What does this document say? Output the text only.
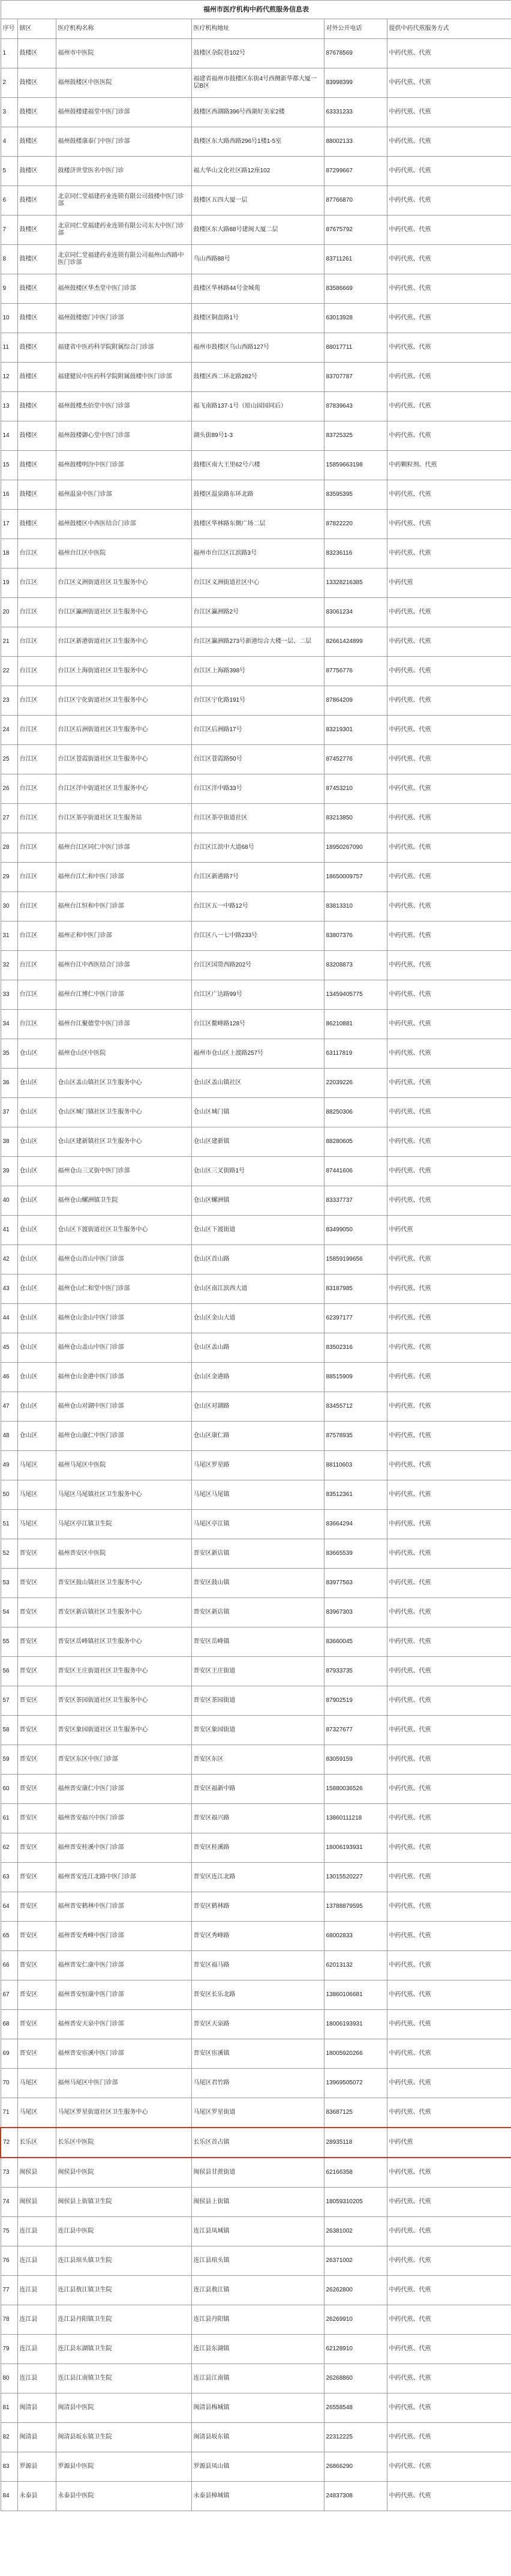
福州市医疗机构中药代煎服务信息表					
序号	辖区	医疗机构名称	医疗机构地址	对外公开电话	提供中药代煎服务方式
1	鼓楼区	福州市中医院	鼓楼区杂院巷102号	87678569	中药代煎、代煎
2	鼓楼区	福州鼓楼区中医医院	福建省福州市鼓楼区东街4号西侧新华都大厦一层B区	83998399	中药代煎、代煎
3	鼓楼区	福州鼓楼建福堂中医门诊部	鼓楼区西湖路396号西湖好美家2楼	63331233	中药代煎、代煎
4	鼓楼区	福州鼓楼康泰门中医门诊部	鼓楼区东大路西路296号1楼1-5室	88002133	中药代煎、代煎
5	鼓楼区	鼓楼济世堂医名中医门诊	福大华山文化社区路12座102	87299667	中药代煎、代煎
6	鼓楼区	北京同仁堂福建药业连锁有限公司鼓楼中医门诊部	鼓楼区五四大厦一层	87766870	中药代煎、代煎
7	鼓楼区	北京同仁堂福建药业连锁有限公司东大中医门诊部	鼓楼区东大路88号建闽大厦二层	87675792	中药代煎、代煎
8	鼓楼区	北京同仁堂福建药业连锁有限公司福州山西路中医门诊部	乌山西路88号	83711261	中药代煎、代煎
9	鼓楼区	福州鼓楼区华杰堂中医门诊部	鼓楼区华林路44号金城苑	83586669	中药代煎、代煎
10	鼓楼区	福州鼓楼德门中医门诊部	鼓楼区铜盘路1号	63013928	中药代煎、代煎
11	鼓楼区	福建省中医药科学院附属综合门诊部	福州市鼓楼区乌山西路127号	88017711	中药代煎、代煎
12	鼓楼区	福建健民中医药科学院附属鼓楼中医门诊部	鼓楼区西二环北路282号	83707787	中药代煎、代煎
13	鼓楼区	福州鼓楼杰佰堂中医门诊部	福飞南路137-1号（原山园园同后）	87839643	中药代煎、代煎
14	鼓楼区	福州鼓楼御心堂中医门诊部	湖头街89号1-3	83725325	中药代煎、代煎
15	鼓楼区	福州鼓楼明汾中医门诊部	鼓楼区南大王里62号六楼	15859663198	中药颗粒剂、代煎
16	鼓楼区	福州温泉中医门诊部	鼓楼区温泉路东环北路	83595395	中药代煎、代煎
17	鼓楼区	福州鼓楼区中西医结合门诊部	鼓楼区华林路东侧广场二层	87822220	中药代煎、代煎
18	台江区	福州台江区中医院	福州市台江区江滨路3号	83236116	中药代煎、代煎
19	台江区	台江区义洲街道社区卫生服务中心	台江区义洲街道社区中心	13328216385	中药代煎
20	台江区	台江区瀛洲街道社区卫生服务中心	台江区瀛洲路2号	83061234	中药代煎、代煎
21	台江区	台江区新港街道社区卫生服务中心	台江区瀛洲路273号新港综合大楼一层、二层	82661424899	中药代煎、代煎
22	台江区	台江区上海街道社区卫生服务中心	台江区上海路398号	87756776	中药代煎、代煎
23	台江区	台江区宁化街道社区卫生服务中心	台江区宁化路191号	87864209	中药代煎、代煎
24	台江区	台江区后洲街道社区卫生服务中心	台江区后洲路17号	83219301	中药代煎、代煎
25	台江区	台江区苍霞街道社区卫生服务中心	台江区苍霞路50号	87452776	中药代煎、代煎
26	台江区	台江区洋中街道社区卫生服务中心	台江区洋中路33号	87453210	中药代煎、代煎
27	台江区	台江区茶亭街道社区卫生服务站	台江区茶亭街道社区	83213850	中药代煎、代煎
28	台江区	福州台江区同仁中医门诊部	台江区江滨中大道68号	18950267090	中药代煎、代煎
29	台江区	福州台江仁和中医门诊部	台江区新港路7号	18650009757	中药代煎、代煎
30	台江区	福州台江恒和中医门诊部	台江区五一中路12号	83813310	中药代煎、代煎
31	台江区	福州正和中医门诊部	台江区八一七中路233号	83807376	中药代煎、代煎
32	台江区	福州台江中西医结合门诊部	台江区国货西路202号	83208873	中药代煎、代煎
33	台江区	福州台江博仁中医门诊部	台江区广达路99号	13459405775	中药代煎、代煎
34	台江区	福州台江聚德堂中医门诊部	台江区鳌峰路128号	86210881	中药代煎、代煎
35	仓山区	福州仓山区中医院	福州市仓山区上渡路257号	63117819	中药代煎、代煎
36	仓山区	仓山区盖山镇社区卫生服务中心	仓山区盖山镇社区	22039226	中药代煎、代煎
37	仓山区	仓山区城门镇社区卫生服务中心	仓山区城门镇	88250306	中药代煎、代煎
38	仓山区	仓山区建新镇社区卫生服务中心	仓山区建新镇	88280605	中药代煎、代煎
39	仓山区	福州仓山三叉街中医门诊部	仓山区三叉街路1号	87441606	中药代煎、代煎
40	仓山区	福州仓山螺洲镇卫生院	仓山区螺洲镇	83337737	中药代煎、代煎
41	仓山区	仓山区下渡街道社区卫生服务中心	仓山区下渡街道	83499050	中药代煎
42	仓山区	福州仓山首山中医门诊部	仓山区首山路	15859199656	中药代煎、代煎
43	仓山区	福州仓山仁和堂中医门诊部	仓山区南江滨西大道	83187985	中药代煎、代煎
44	仓山区	福州仓山金山中医门诊部	仓山区金山大道	62397177	中药代煎、代煎
45	仓山区	福州仓山盖山中医门诊部	仓山区盖山路	83502316	中药代煎、代煎
46	仓山区	福州仓山金港中医门诊部	仓山区金港路	88515909	中药代煎、代煎
47	仓山区	福州仓山对湖中医门诊部	仓山区对湖路	83455712	中药代煎、代煎
48	仓山区	福州仓山康仁中医门诊部	仓山区康仁路	87578935	中药代煎、代煎
49	马尾区	福州马尾区中医院	马尾区罗星路	88110603	中药代煎、代煎
50	马尾区	马尾区马尾镇社区卫生服务中心	马尾区马尾镇	83512361	中药代煎、代煎
51	马尾区	马尾区亭江镇卫生院	马尾区亭江镇	83664294	中药代煎、代煎
52	晋安区	福州晋安区中医院	晋安区新店镇	83665539	中药代煎、代煎
53	晋安区	晋安区鼓山镇社区卫生服务中心	晋安区鼓山镇	83977563	中药代煎、代煎
54	晋安区	晋安区新店镇社区卫生服务中心	晋安区新店镇	83967303	中药代煎、代煎
55	晋安区	晋安区岳峰镇社区卫生服务中心	晋安区岳峰镇	83660045	中药代煎、代煎
56	晋安区	晋安区王庄街道社区卫生服务中心	晋安区王庄街道	87933735	中药代煎、代煎
57	晋安区	晋安区茶园街道社区卫生服务中心	晋安区茶园街道	87902519	中药代煎、代煎
58	晋安区	晋安区象园街道社区卫生服务中心	晋安区象园街道	87327677	中药代煎、代煎
59	晋安区	晋安区东区中医门诊部	晋安区东区	83059159	中药代煎、代煎
60	晋安区	福州晋安康仁中医门诊部	晋安区福新中路	15880036526	中药代煎、代煎
61	晋安区	福州晋安福兴中医门诊部	晋安区福兴路	13860111218	中药代煎、代煎
62	晋安区	福州晋安桂溪中医门诊部	晋安区桂溪路	18006193931	中药代煎、代煎
63	晋安区	福州晋安连江北路中医门诊部	晋安区连江北路	13015520227	中药代煎、代煎
64	晋安区	福州晋安鹤林中医门诊部	晋安区鹤林路	13788879595	中药代煎、代煎
65	晋安区	福州晋安秀峰中医门诊部	晋安区秀峰路	68002833	中药代煎、代煎
66	晋安区	福州晋安仁康中医门诊部	晋安区福马路	62013132	中药代煎、代煎
67	晋安区	福州晋安恒康中医门诊部	晋安区长乐北路	13860106681	中药代煎、代煎
68	晋安区	福州晋安天泉中医门诊部	晋安区天泉路	18006193931	中药代煎、代煎
69	晋安区	福州晋安宦溪中医门诊部	晋安区宦溪镇	18005920266	中药代煎、代煎
70	马尾区	福州马尾区中医门诊部	马尾区君竹路	13969505072	中药代煎、代煎
71	马尾区	马尾区罗星街道社区卫生服务中心	马尾区罗星街道	83687125	中药代煎、代煎
72	长乐区	长乐区中医院	长乐区首占镇	28935118	中药代煎
73	闽侯县	闽侯县中医院	闽侯县甘蔗街道	62166358	中药代煎、代煎
74	闽侯县	闽侯县上街镇卫生院	闽侯县上街镇	18059310205	中药代煎、代煎
75	连江县	连江县中医院	连江县凤城镇	26381002	中药代煎、代煎
76	连江县	连江县琯头镇卫生院	连江县琯头镇	26371002	中药代煎、代煎
77	连江县	连江县敖江镇卫生院	连江县敖江镇	26262800	中药代煎、代煎
78	连江县	连江县丹阳镇卫生院	连江县丹阳镇	26269910	中药代煎、代煎
79	连江县	连江县东湖镇卫生院	连江县东湖镇	62128910	中药代煎、代煎
80	连江县	连江县江南镇卫生院	连江县江南镇	26268860	中药代煎、代煎
81	闽清县	闽清县中医院	闽清县梅城镇	26558548	中药代煎、代煎
82	闽清县	闽清县坂东镇卫生院	闽清县坂东镇	22312225	中药代煎、代煎
83	罗源县	罗源县中医院	罗源县凤山镇	26866290	中药代煎、代煎
84	永泰县	永泰县中医院	永泰县樟城镇	24837308	中药代煎、代煎
